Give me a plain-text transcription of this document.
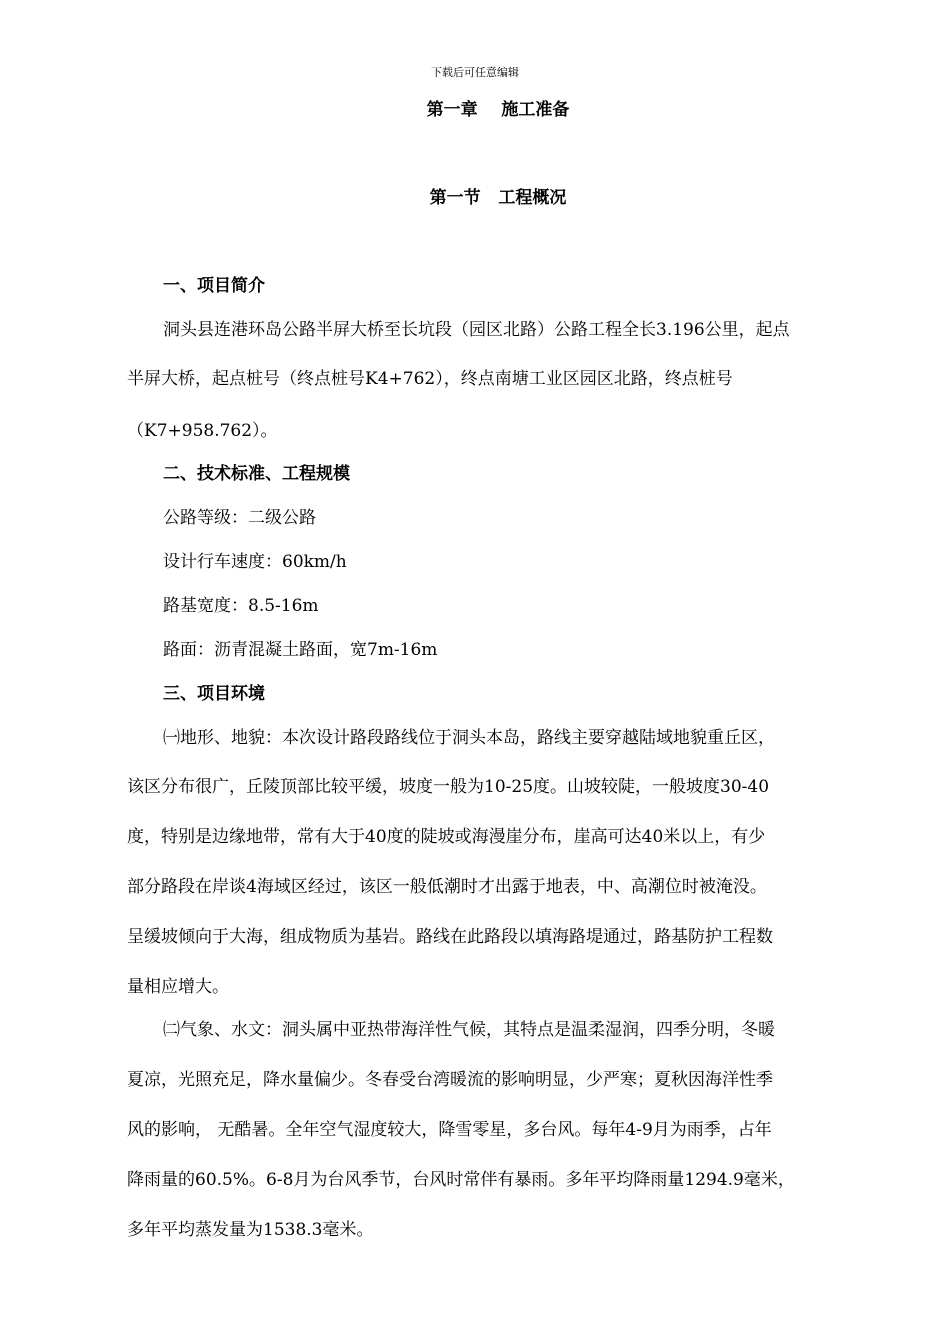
下载后可任意编辑
第一章    施工准备
第一节   工程概况
一、项目简介
洞头县连港环岛公路半屏大桥至长坑段（园区北路）公路工程全长3.196公里，起点
半屏大桥，起点桩号（终点桩号K4+762），终点南塘工业区园区北路，终点桩号
（K7+958.762）。
二、技术标准、工程规模
公路等级：二级公路
设计行车速度：60km/h
路基宽度：8.5-16m
路面：沥青混凝土路面，宽7m-16m
三、项目环境
㈠地形、地貌：本次设计路段路线位于洞头本岛，路线主要穿越陆域地貌重丘区，
该区分布很广，丘陵顶部比较平缓，坡度一般为10-25度。山坡较陡，一般坡度30-40
度，特别是边缘地带，常有大于40度的陡坡或海漫崖分布，崖高可达40米以上，有少
部分路段在岸谈4海域区经过，该区一般低潮时才出露于地表，中、高潮位时被淹没。
呈缓坡倾向于大海，组成物质为基岩。路线在此路段以填海路堤通过，路基防护工程数
量相应增大。
㈡气象、水文：洞头属中亚热带海洋性气候，其特点是温柔湿润，四季分明，冬暖
夏凉，光照充足，降水量偏少。冬春受台湾暖流的影响明显，少严寒；夏秋因海洋性季
风的影响， 无酷暑。全年空气湿度较大，降雪零星，多台风。每年4-9月为雨季，占年
降雨量的60.5%。6-8月为台风季节，台风时常伴有暴雨。多年平均降雨量1294.9毫米，
多年平均蒸发量为1538.3毫米。
